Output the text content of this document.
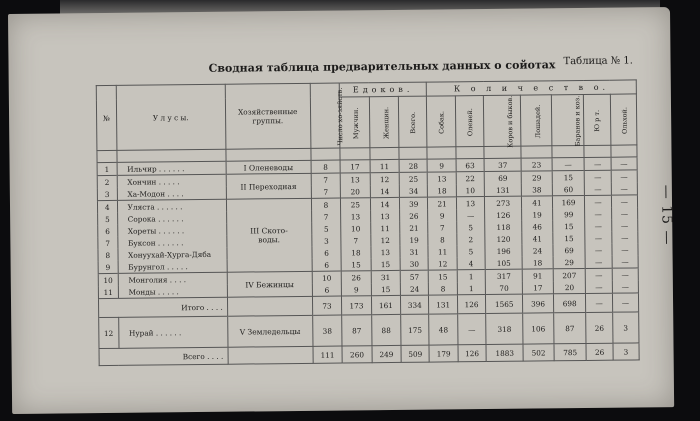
Сводная таблица предварительных данных о сойотах Таблица № 1.
— 15 —
№	У л у с ы.	Хозяйственные группы.	Число хо-зяйств.	Едоков.			К о л и ч е с т в о.						
				Мужчин.	Женщин.	Всего.	Собак.	Оленей.	Коров и быков.	Лошадей.	Баранов и коз.	Ю р т.	Ольхой.

1	Ильчир . . . . . .	I Оленеводы	8	17	11	28	9	63	37	23	—	—	—
2	Хончин . . . . .	II Переходная	7	13	12	25	13	22	69	29	15	—	—
3	Ха-Модон . . . .		7	20	14	34	18	10	131	38	60	—	—
4	Уляста . . . . . .	III Ското-
воды.	8	25	14	39	21	13	273	41	169	—	—
5	Сорока . . . . . .		7	13	13	26	9	—	126	19	99	—	—
6	Хореты . . . . . .		5	10	11	21	7	5	118	46	15	—	—
7	Буксон . . . . . .		3	7	12	19	8	2	120	41	15	—	—
8	Хонуухай-Хурга-Дяба		6	18	13	31	11	5	196	24	69	—	—
9	Бурунгол . . . . .		6	15	15	30	12	4	105	18	29	—	—
10	Монголия . . . .	IV Бежинцы	10	26	31	57	15	1	317	91	207	—	—
11	Монды . . . . .		6	9	15	24	8	1	70	17	20	—	—
Итого . . . .			73	173	161	334	131	126	1565	396	698	—	—
12	Нурай . . . . . .	V Земледельцы	38	87	88	175	48	—	318	106	87	26	3
Всего . . . .			111	260	249	509	179	126	1883	502	785	26	3
